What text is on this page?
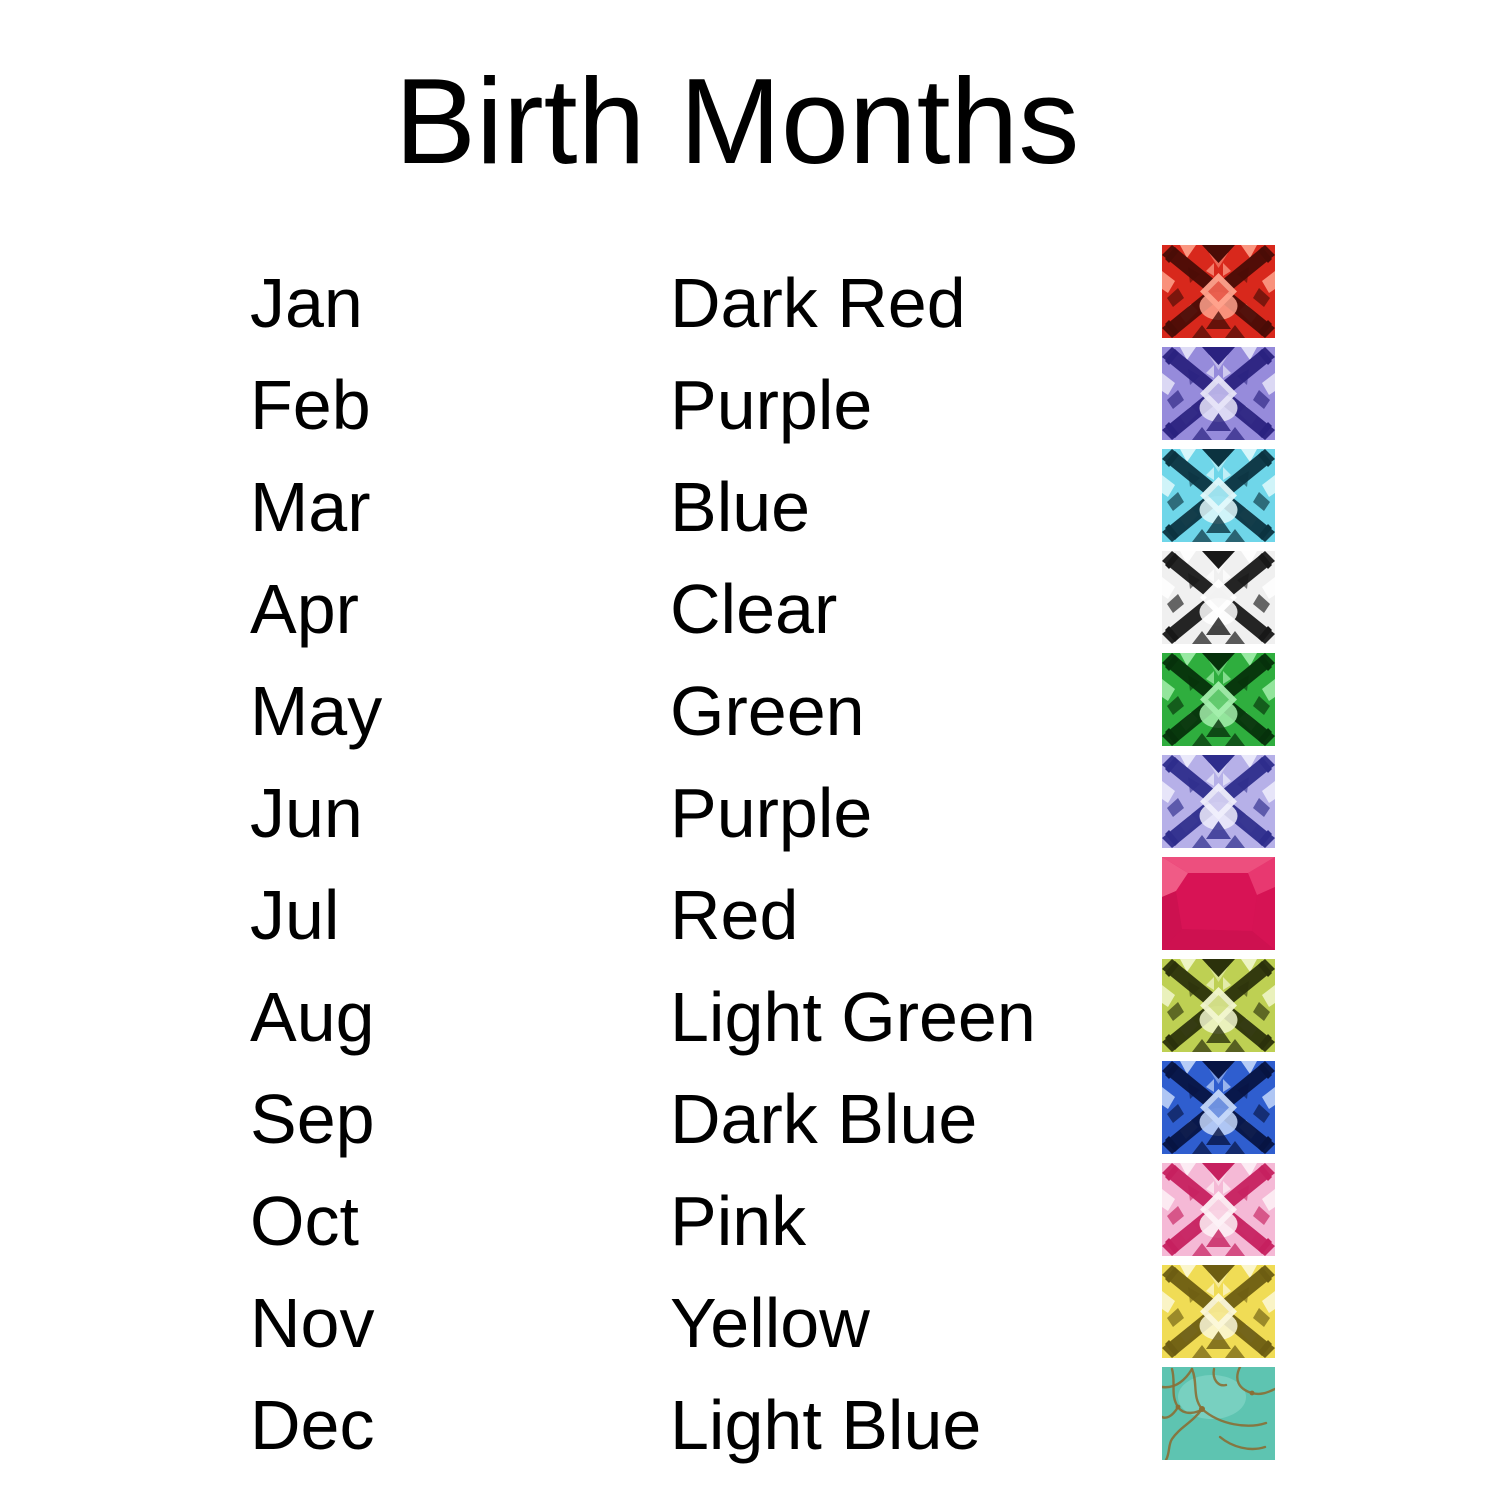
Birth Months
Jan	Dark Red
Feb	Purple
Mar	Blue
Apr	Clear
May	Green
Jun	Purple
Jul	Red
Aug	Light Green
Sep	Dark Blue
Oct	Pink
Nov	Yellow
Dec	Light Blue
